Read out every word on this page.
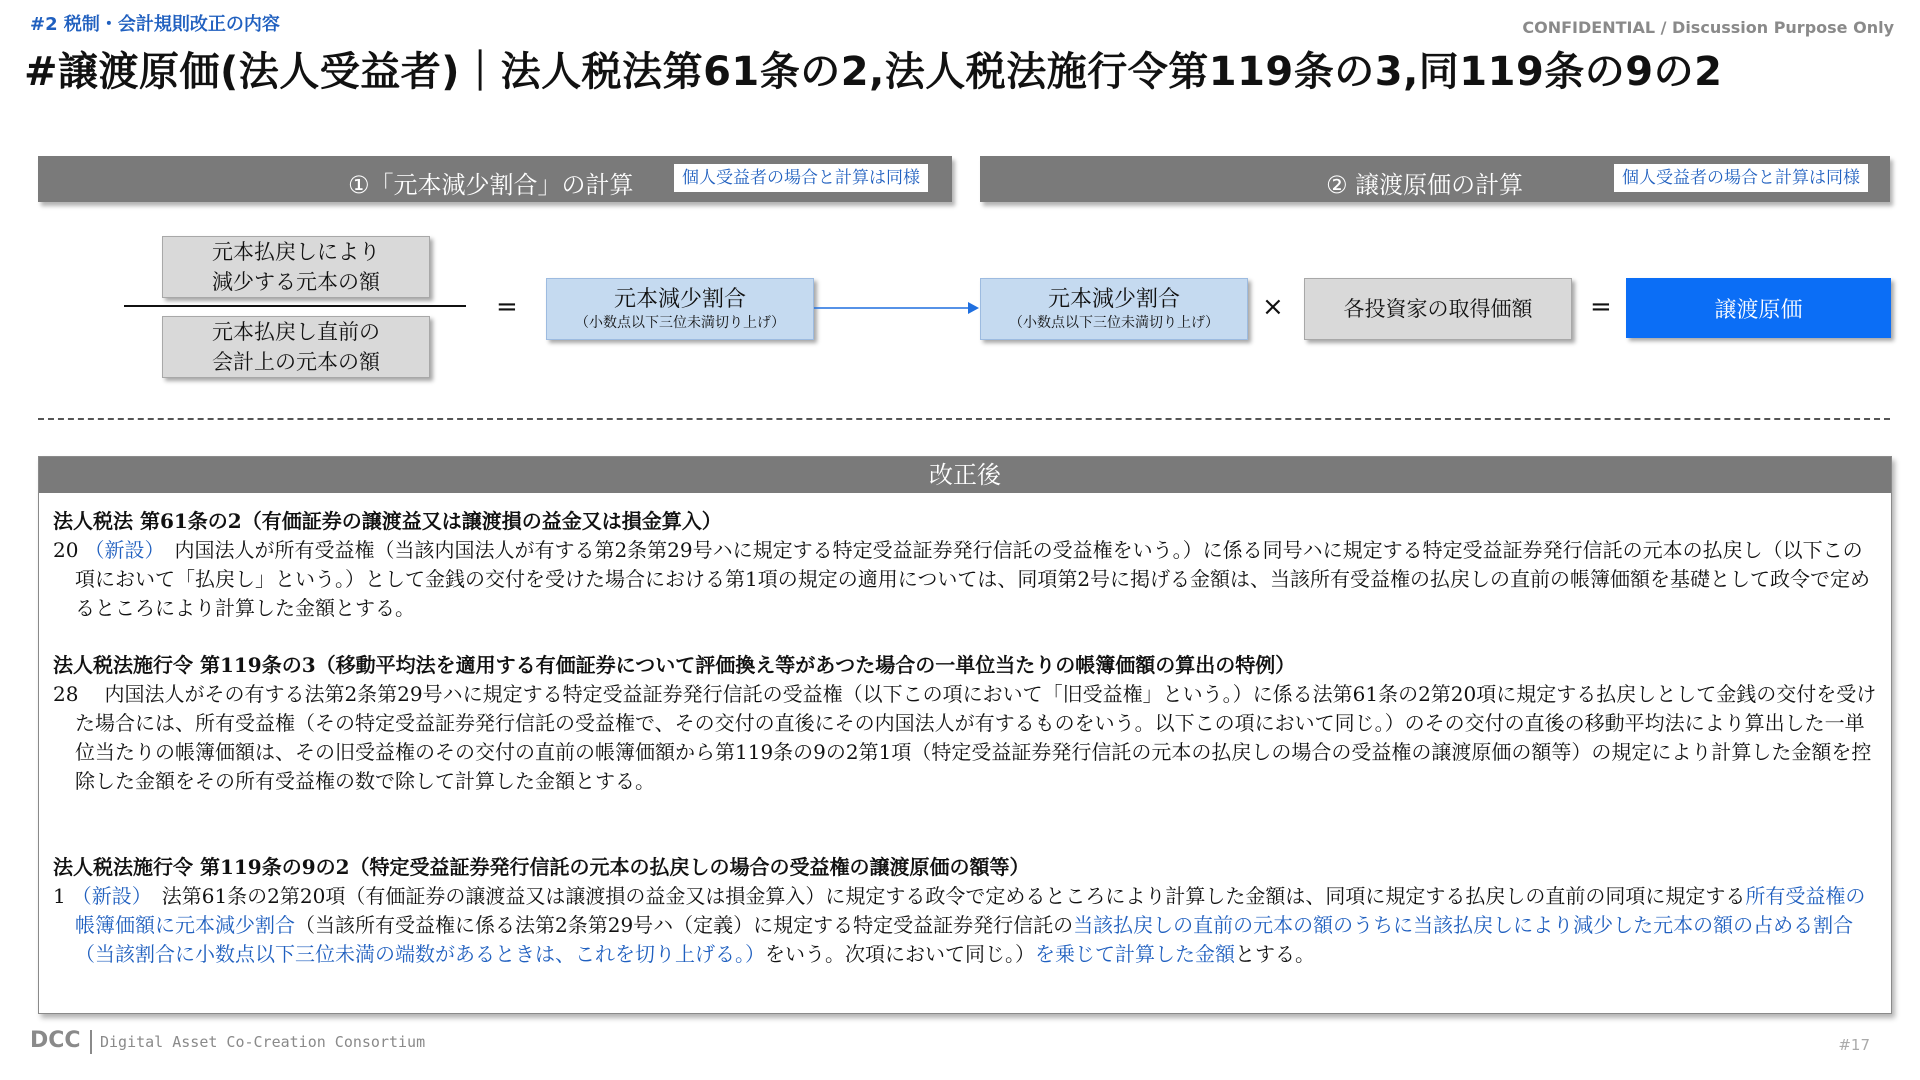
#2 税制・会計規則改正の内容	CONFIDENTIAL / Discussion Purpose Only
#譲渡原価(法人受益者)｜法人税法第61条の2,法人税法施行令第119条の3,同119条の9の2
①「元本減少割合」の計算	個人受益者の場合と計算は同様	② 譲渡原価の計算	個人受益者の場合と計算は同様
元本払戻しにより
減少する元本の額
元本払戻し直前の
会計上の元本の額
=	元本減少割合
（小数点以下三位未満切り上げ）
元本減少割合
（小数点以下三位未満切り上げ）
×	各投資家の取得価額	=	譲渡原価
改正後
法人税法 第61条の2（有価証券の譲渡益又は譲渡損の益金又は損金算入）
20 （新設）　内国法人が所有受益権（当該内国法人が有する第2条第29号ハに規定する特定受益証券発行信託の受益権をいう。）に係る同号ハに規定する特定受益証券発行信託の元本の払戻し（以下この項において「払戻し」という。）として金銭の交付を受けた場合における第1項の規定の適用については、同項第2号に掲げる金額は、当該所有受益権の払戻しの直前の帳簿価額を基礎として政令で定めるところにより計算した金額とする。
法人税法施行令 第119条の3（移動平均法を適用する有価証券について評価換え等があつた場合の一単位当たりの帳簿価額の算出の特例）
28　内国法人がその有する法第2条第29号ハに規定する特定受益証券発行信託の受益権（以下この項において「旧受益権」という。）に係る法第61条の2第20項に規定する払戻しとして金銭の交付を受けた場合には、所有受益権（その特定受益証券発行信託の受益権で、その交付の直後にその内国法人が有するものをいう。以下この項において同じ。）のその交付の直後の移動平均法により算出した一単位当たりの帳簿価額は、その旧受益権のその交付の直前の帳簿価額から第119条の9の2第1項（特定受益証券発行信託の元本の払戻しの場合の受益権の譲渡原価の額等）の規定により計算した金額を控除した金額をその所有受益権の数で除して計算した金額とする。
法人税法施行令 第119条の9の2（特定受益証券発行信託の元本の払戻しの場合の受益権の譲渡原価の額等）
1 （新設）　法第61条の2第20項（有価証券の譲渡益又は譲渡損の益金又は損金算入）に規定する政令で定めるところにより計算した金額は、同項に規定する払戻しの直前の同項に規定する所有受益権の帳簿価額に元本減少割合（当該所有受益権に係る法第2条第29号ハ（定義）に規定する特定受益証券発行信託の当該払戻しの直前の元本の額のうちに当該払戻しにより減少した元本の額の占める割合（当該割合に小数点以下三位未満の端数があるときは、これを切り上げる。）をいう。次項において同じ。）を乗じて計算した金額とする。
DCC Digital Asset Co-Creation Consortium	#17
